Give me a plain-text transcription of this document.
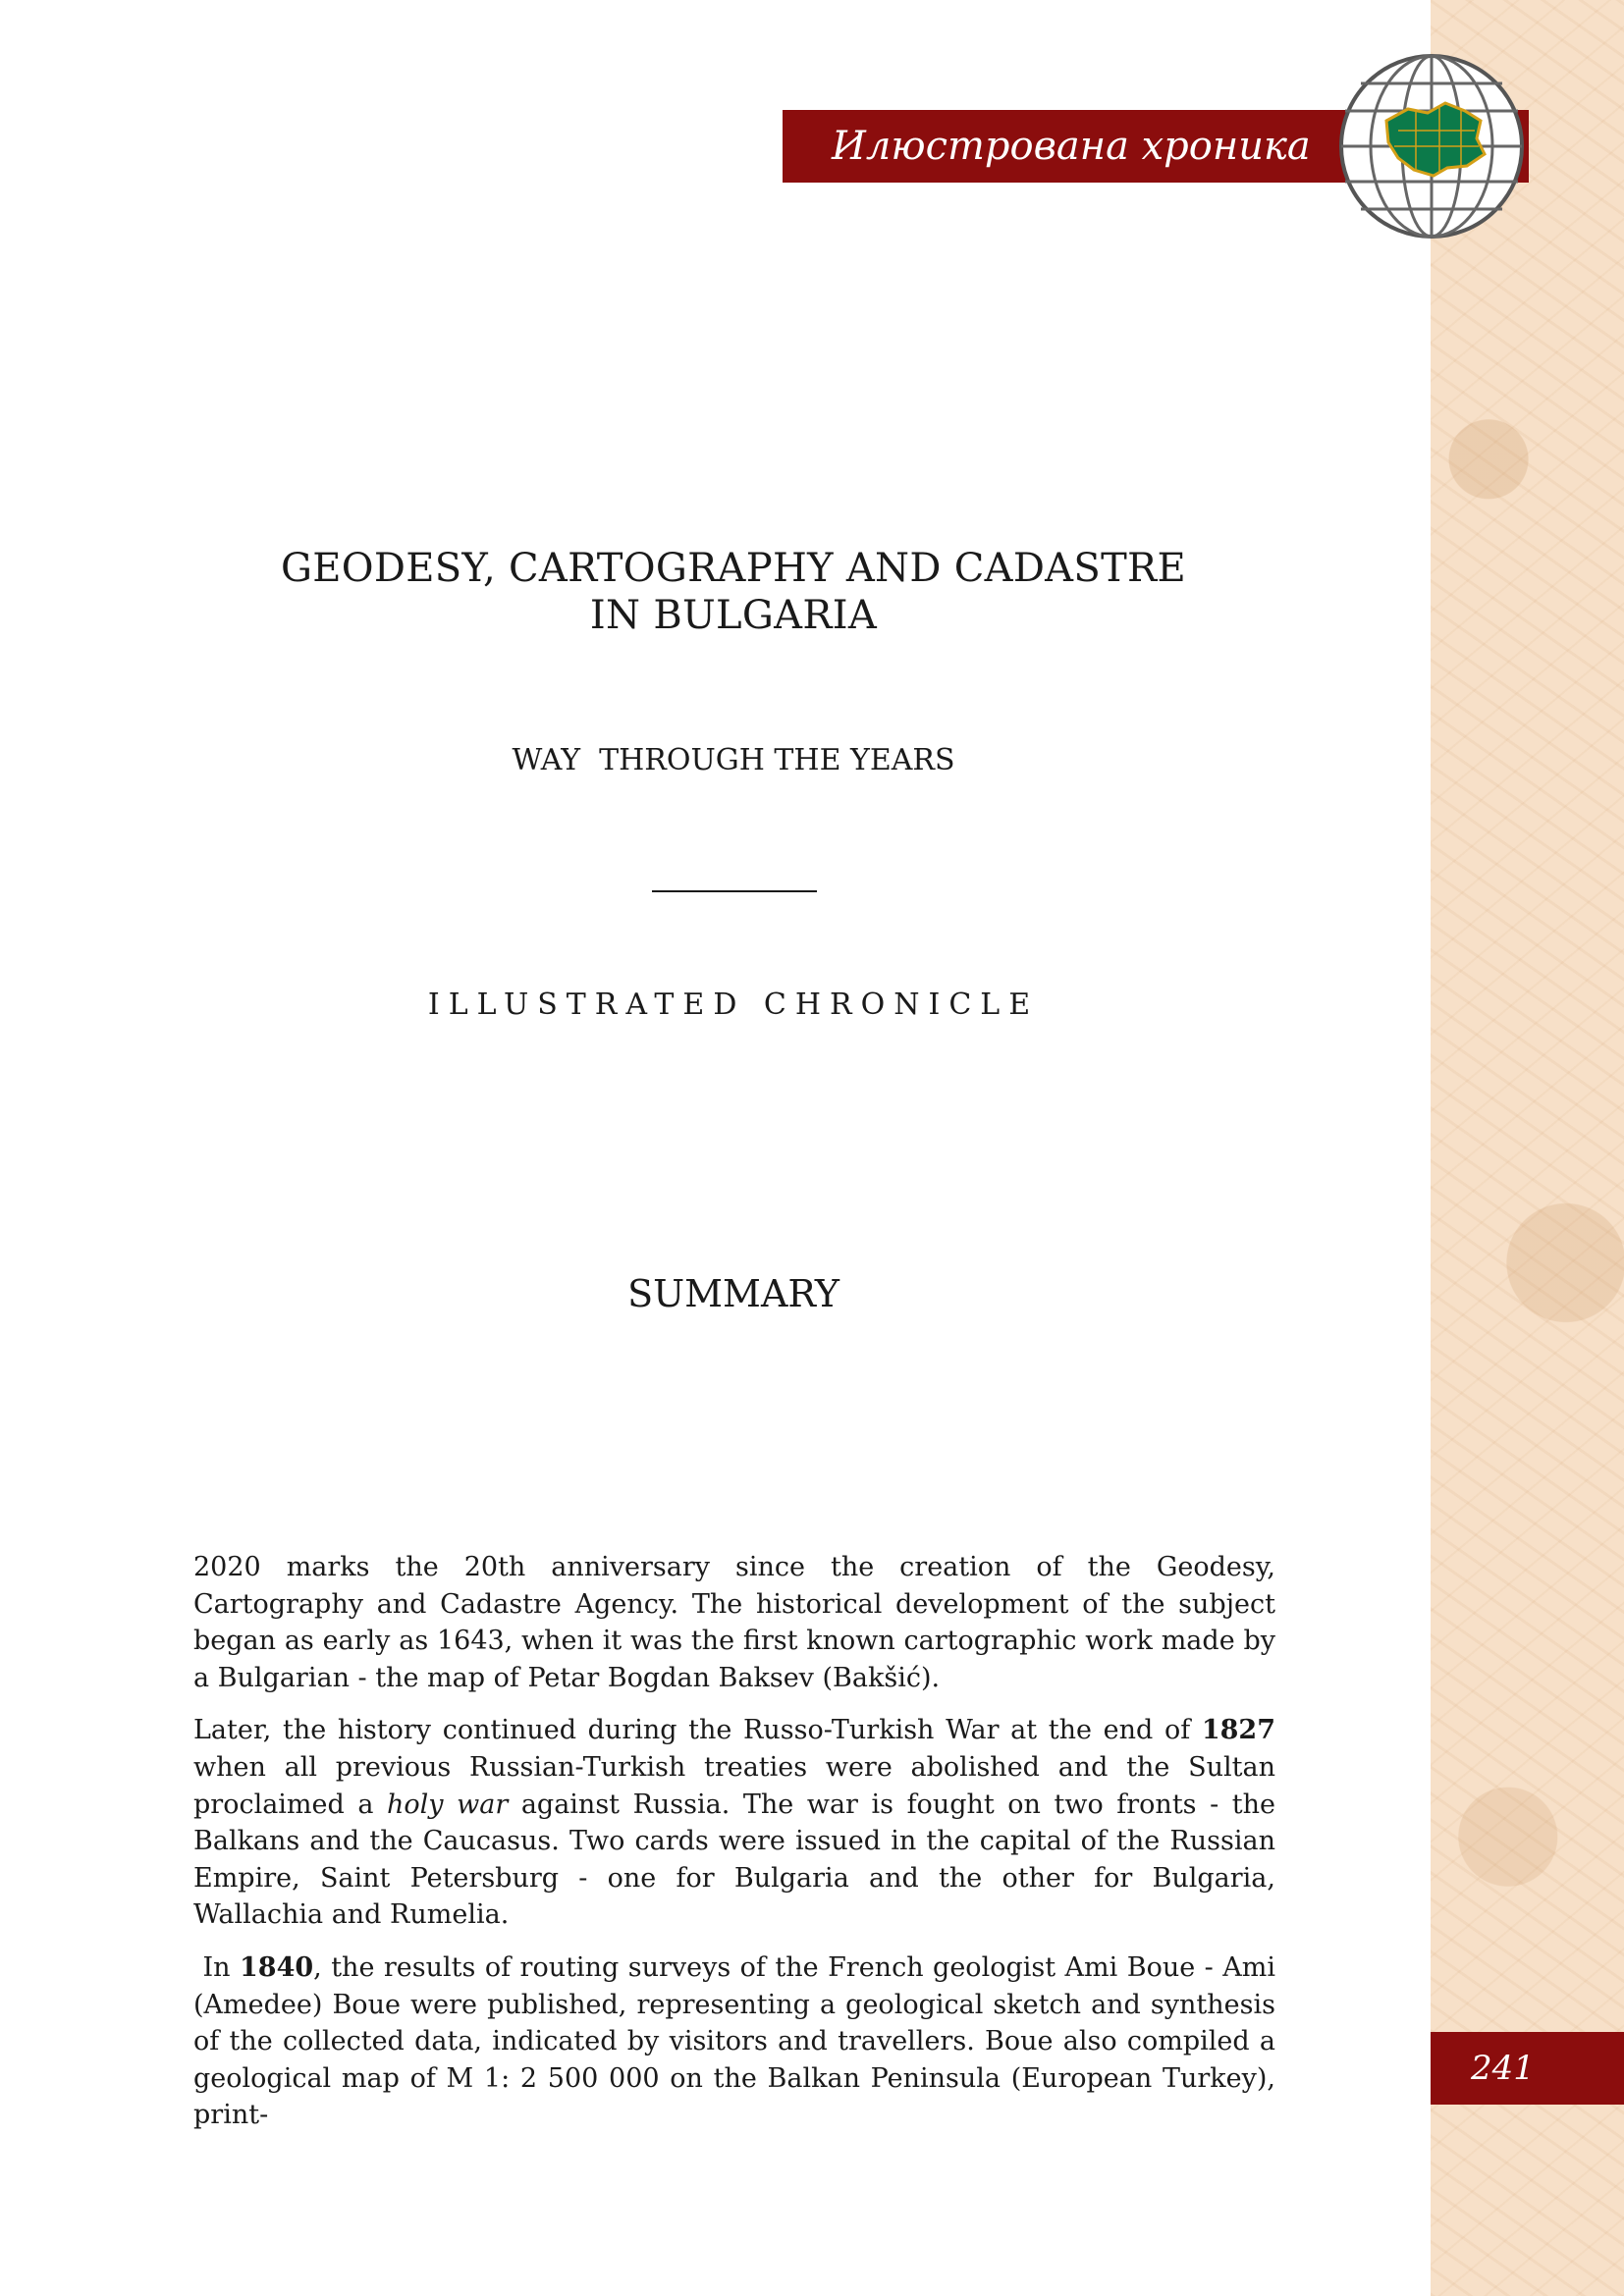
Илюстрована хроника
GEODESY, CARTOGRAPHY AND CADASTRE
IN BULGARIA
WAY  THROUGH THE YEARS
ILLUSTRATED CHRONICLE
SUMMARY

2020 marks the 20th anniversary since the creation of the Geodesy, Cartography and Cadastre Agency. The historical development of the subject began as early as 1643, when it was the first known cartographic work made by a Bulgarian - the map of Petar Bogdan Baksev (Bakšić).

Later, the history continued during the Russo-Turkish War at the end of 1827 when all previous Russian-Turkish treaties were abolished and the Sultan proclaimed a holy war against Russia. The war is fought on two fronts - the Balkans and the Caucasus. Two cards were issued in the capital of the Russian Empire, Saint Petersburg - one for Bulgaria and the other for Bulgaria, Wallachia and Rumelia.

In 1840, the results of routing surveys of the French geologist Ami Boue - Ami (Amedee) Boue were published, representing a geological sketch and synthesis of the collected data, indicated by visitors and travellers. Boue also compiled a geological map of M 1: 2 500 000 on the Balkan Peninsula (European Turkey), print-

241
